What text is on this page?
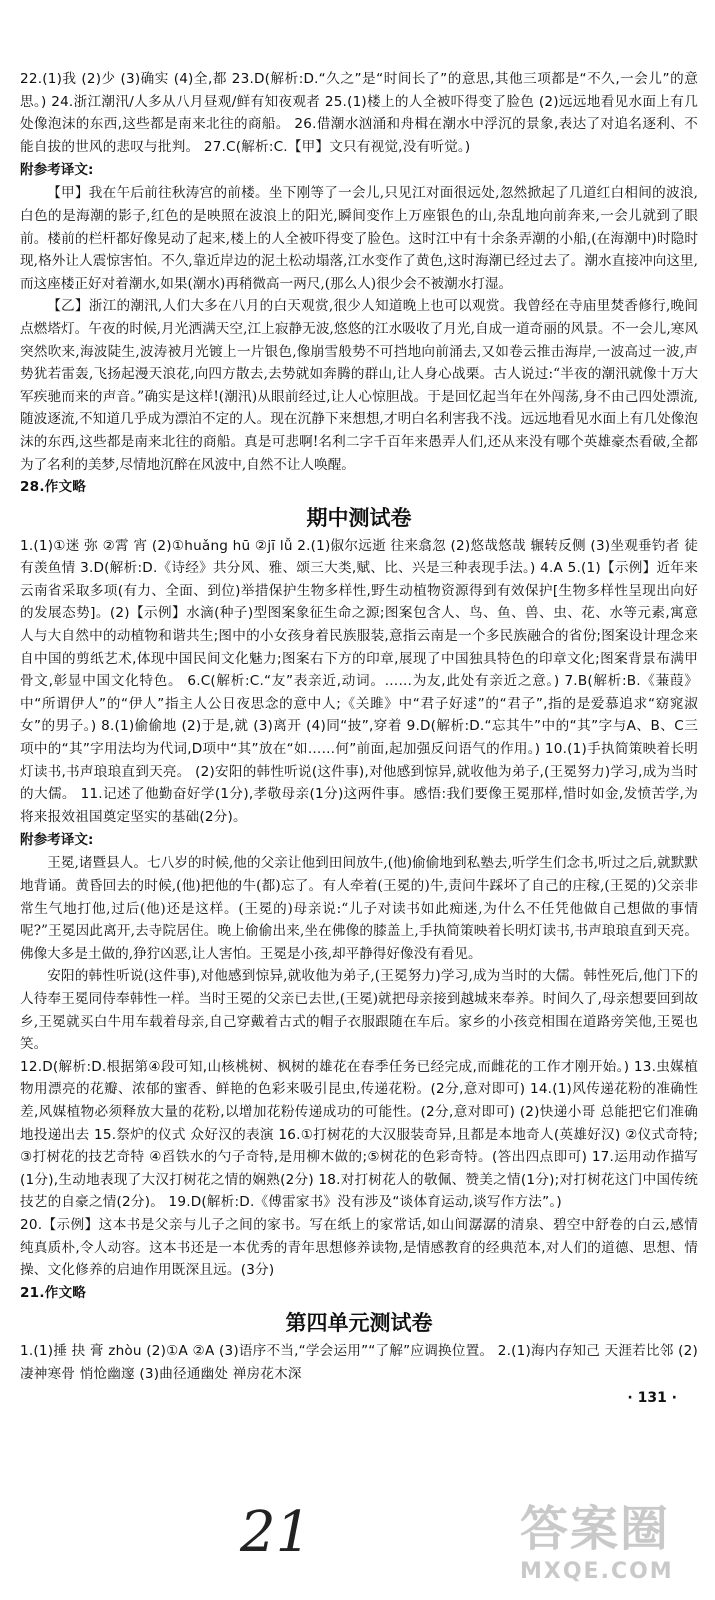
22.(1)我 (2)少 (3)确实 (4)全,都 23.D(解析:D.“久之”是“时间长了”的意思,其他三项都是“不久,一会儿”的意思。) 24.浙江潮汛/人多从八月昼观/鲜有知夜观者 25.(1)楼上的人全被吓得变了脸色 (2)远远地看见水面上有几处像泡沫的东西,这些都是南来北往的商船。 26.借潮水汹涌和舟楫在潮水中浮沉的景象,表达了对追名逐利、不能自拔的世风的悲叹与批判。 27.C(解析:C.【甲】文只有视觉,没有听觉。)

附参考译文:

【甲】我在午后前往秋涛宫的前楼。坐下刚等了一会儿,只见江对面很远处,忽然掀起了几道红白相间的波浪,白色的是海潮的影子,红色的是映照在波浪上的阳光,瞬间变作上万座银色的山,杂乱地向前奔来,一会儿就到了眼前。楼前的栏杆都好像晃动了起来,楼上的人全被吓得变了脸色。这时江中有十余条弄潮的小船,(在海潮中)时隐时现,格外让人震惊害怕。不久,靠近岸边的泥土松动塌落,江水变作了黄色,这时海潮已经过去了。潮水直接冲向这里,而这座楼正好对着潮水,如果(潮水)再稍微高一两尺,(那么人)很少会不被潮水打湿。

【乙】浙江的潮汛,人们大多在八月的白天观赏,很少人知道晚上也可以观赏。我曾经在寺庙里焚香修行,晚间点燃塔灯。午夜的时候,月光洒满天空,江上寂静无波,悠悠的江水吸收了月光,自成一道奇丽的风景。不一会儿,寒风突然吹来,海波陡生,波涛被月光镀上一片银色,像崩雪般势不可挡地向前涌去,又如卷云推击海岸,一波高过一波,声势犹若雷轰,飞扬起漫天浪花,向四方散去,去势就如奔腾的群山,让人身心战栗。古人说过:“半夜的潮汛就像十万大军疾驰而来的声音。”确实是这样!(潮汛)从眼前经过,让人心惊胆战。于是回忆起当年在外闯荡,身不由己四处漂流,随波逐流,不知道几乎成为漂泊不定的人。现在沉静下来想想,才明白名利害我不浅。远远地看见水面上有几处像泡沫的东西,这些都是南来北往的商船。真是可悲啊!名利二字千百年来愚弄人们,还从来没有哪个英雄豪杰看破,全都为了名利的美梦,尽情地沉醉在风波中,自然不让人唤醒。

28.作文略

期中测试卷

1.(1)①迷 弥 ②霄 宵 (2)①huǎng hū ②jī lǚ 2.(1)俶尔远逝 往来翕忽 (2)悠哉悠哉 辗转反侧 (3)坐观垂钓者 徒有羡鱼情 3.D(解析:D.《诗经》共分风、雅、颂三大类,赋、比、兴是三种表现手法。) 4.A 5.(1)【示例】近年来云南省采取多项(有力、全面、到位)举措保护生物多样性,野生动植物资源得到有效保护[生物多样性呈现出向好的发展态势]。(2)【示例】水滴(种子)型图案象征生命之源;图案包含人、鸟、鱼、兽、虫、花、水等元素,寓意人与大自然中的动植物和谐共生;图中的小女孩身着民族服装,意指云南是一个多民族融合的省份;图案设计理念来自中国的剪纸艺术,体现中国民间文化魅力;图案右下方的印章,展现了中国独具特色的印章文化;图案背景布满甲骨文,彰显中国文化特色。 6.C(解析:C.“友”表亲近,动词。……为友,此处有亲近之意。) 7.B(解析:B.《蒹葭》中“所谓伊人”的“伊人”指主人公日夜思念的意中人;《关雎》中“君子好逑”的“君子”,指的是爱慕追求“窈窕淑女”的男子。) 8.(1)偷偷地 (2)于是,就 (3)离开 (4)同“披”,穿着 9.D(解析:D.“忘其牛”中的“其”字与A、B、C三项中的“其”字用法均为代词,D项中“其”放在“如……何”前面,起加强反问语气的作用。) 10.(1)手执简策映着长明灯读书,书声琅琅直到天亮。 (2)安阳的韩性听说(这件事),对他感到惊异,就收他为弟子,(王冕努力)学习,成为当时的大儒。 11.记述了他勤奋好学(1分),孝敬母亲(1分)这两件事。感悟:我们要像王冕那样,惜时如金,发愤苦学,为将来报效祖国奠定坚实的基础(2分)。

附参考译文:

王冕,诸暨县人。七八岁的时候,他的父亲让他到田间放牛,(他)偷偷地到私塾去,听学生们念书,听过之后,就默默地背诵。黄昏回去的时候,(他)把他的牛(都)忘了。有人牵着(王冕的)牛,责问牛踩坏了自己的庄稼,(王冕的)父亲非常生气地打他,过后(他)还是这样。(王冕的)母亲说:“儿子对读书如此痴迷,为什么不任凭他做自己想做的事情呢?”王冕因此离开,去寺院居住。晚上偷偷出来,坐在佛像的膝盖上,手执简策映着长明灯读书,书声琅琅直到天亮。佛像大多是土做的,狰狞凶恶,让人害怕。王冕是小孩,却平静得好像没有看见。

安阳的韩性听说(这件事),对他感到惊异,就收他为弟子,(王冕努力)学习,成为当时的大儒。韩性死后,他门下的人待奉王冕同侍奉韩性一样。当时王冕的父亲已去世,(王冕)就把母亲接到越城来奉养。时间久了,母亲想要回到故乡,王冕就买白牛用车载着母亲,自己穿戴着古式的帽子衣服跟随在车后。家乡的小孩竞相围在道路旁笑他,王冕也笑。

12.D(解析:D.根据第④段可知,山核桃树、枫树的雄花在春季任务已经完成,而雌花的工作才刚开始。) 13.虫媒植物用漂亮的花瓣、浓郁的蜜香、鲜艳的色彩来吸引昆虫,传递花粉。(2分,意对即可) 14.(1)风传递花粉的准确性差,风媒植物必须释放大量的花粉,以增加花粉传递成功的可能性。(2分,意对即可) (2)快递小哥 总能把它们准确地投递出去 15.祭炉的仪式 众好汉的表演 16.①打树花的大汉服装奇异,且都是本地奇人(英雄好汉) ②仪式奇特;③打树花的技艺奇特 ④舀铁水的勺子奇特,是用柳木做的;⑤树花的色彩奇特。(答出四点即可) 17.运用动作描写(1分),生动地表现了大汉打树花之情的娴熟(2分) 18.对打树花人的敬佩、赞美之情(1分);对打树花这门中国传统技艺的自豪之情(2分)。 19.D(解析:D.《傅雷家书》没有涉及“谈体育运动,谈写作方法”。)

20.【示例】这本书是父亲与儿子之间的家书。写在纸上的家常话,如山间潺潺的清泉、碧空中舒卷的白云,感情纯真质朴,令人动容。这本书还是一本优秀的青年思想修养读物,是情感教育的经典范本,对人们的道德、思想、情操、文化修养的启迪作用既深且远。(3分)

21.作文略

第四单元测试卷

1.(1)捶 抉 膏 zhòu (2)①A ②A (3)语序不当,“学会运用”“了解”应调换位置。 2.(1)海内存知己 天涯若比邻 (2)凄神寒骨 悄怆幽邃 (3)曲径通幽处 禅房花木深

· 131 ·
21	答案圈
MXQE.COM
